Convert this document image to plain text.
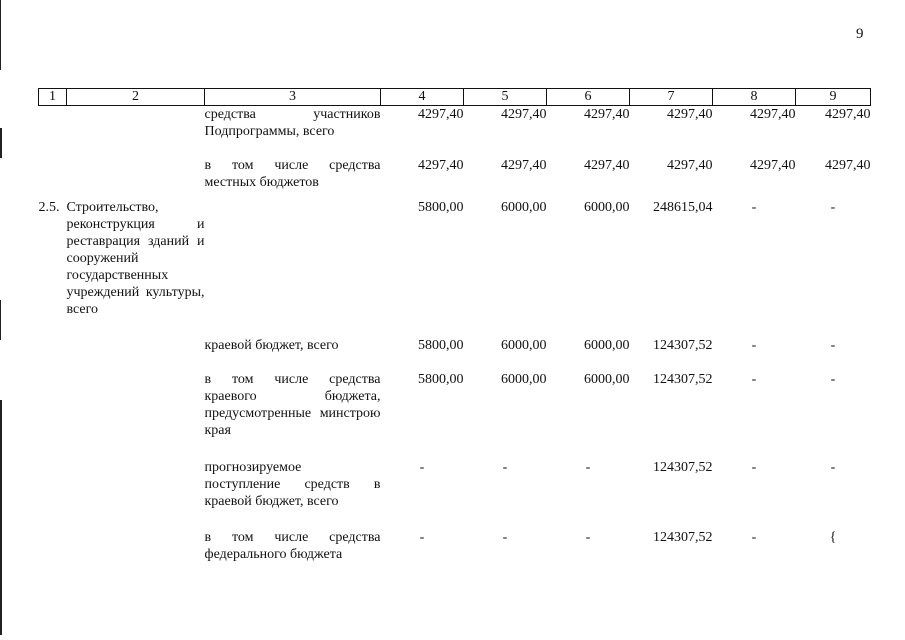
9
1	2	3	4	5	6	7	8	9
		средства участников Подпрограммы, всего	4297,40	4297,40	4297,40	4297,40	4297,40	4297,40
		в том числе средства местных бюджетов	4297,40	4297,40	4297,40	4297,40	4297,40	4297,40
2.5.	Строительство, реконструкция и реставрация зданий и сооружений государственных учреждений культуры, всего		5800,00	6000,00	6000,00	248615,04	-	-
		краевой бюджет, всего	5800,00	6000,00	6000,00	124307,52	-	-
		в том числе средства краевого бюджета, предусмотренные минстрою края	5800,00	6000,00	6000,00	124307,52	-	-
		прогнозируемое поступление средств в краевой бюджет, всего	-	-	-	124307,52	-	-
		в том числе средства федерального бюджета	-	-	-	124307,52	-	{
